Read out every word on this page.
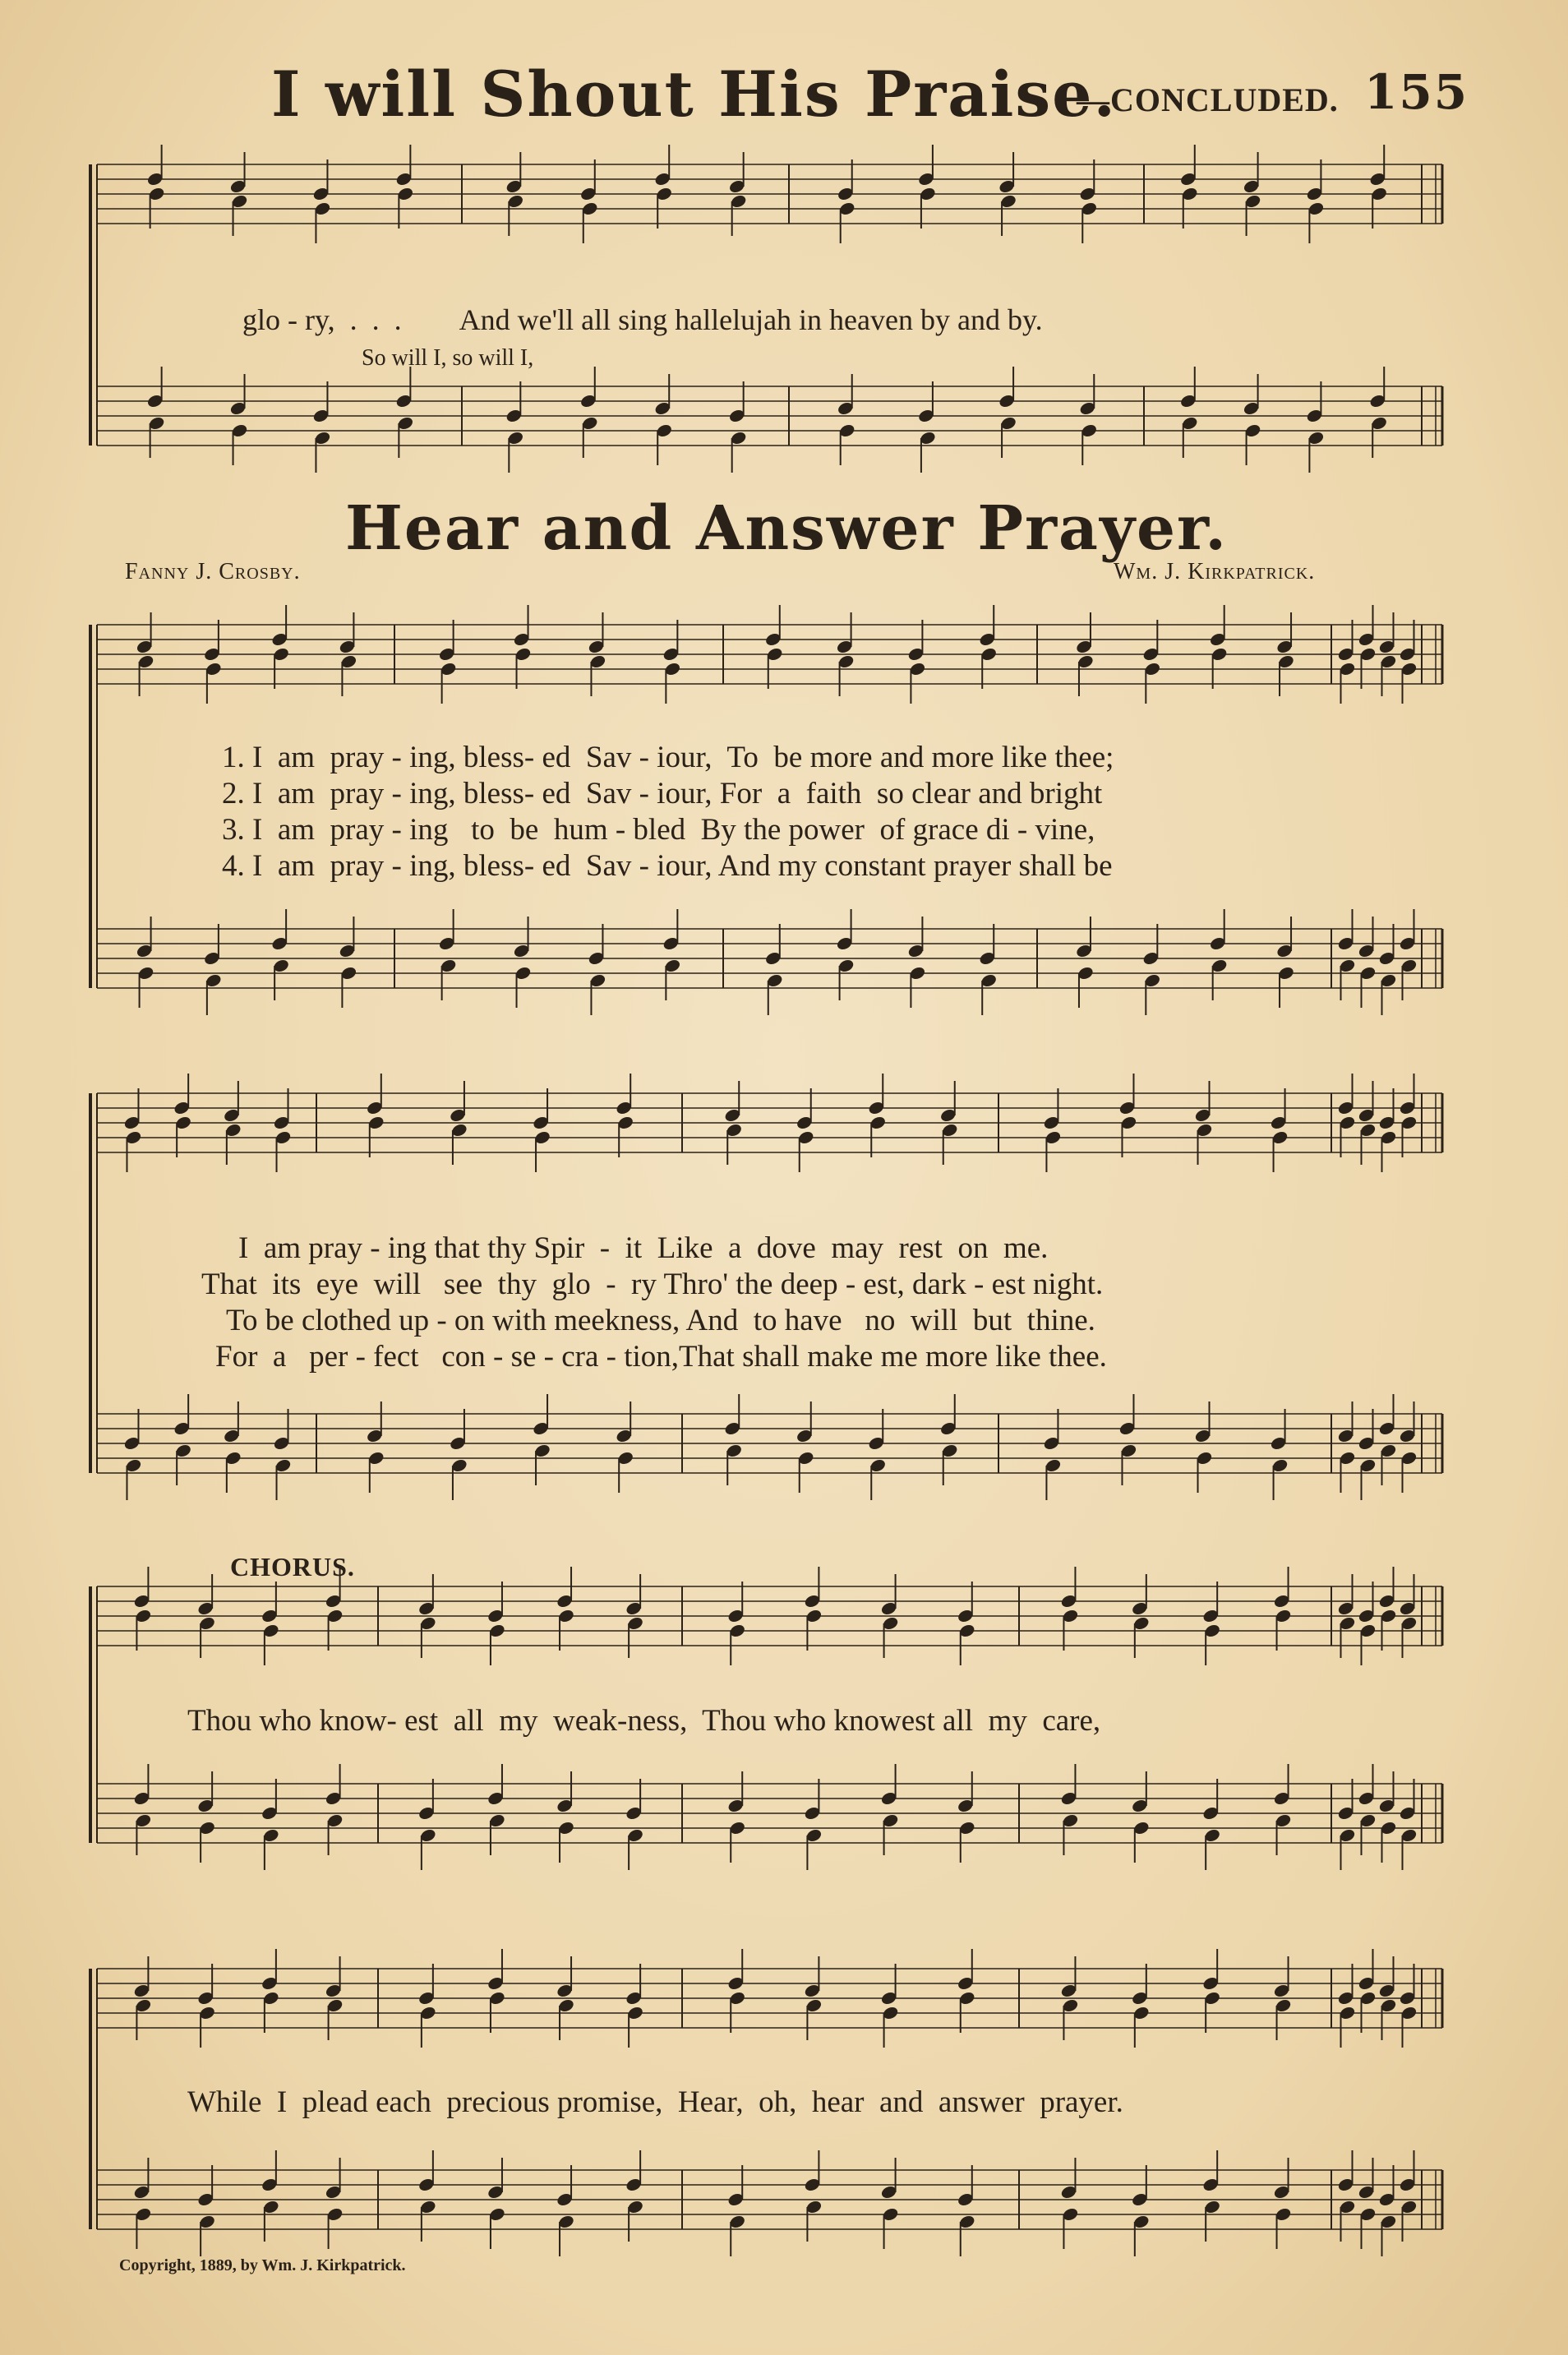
I will Shout His Praise.
—CONCLUDED. 155
glo - ry,  .  .  .        And we'll all sing hallelujah in heaven by and by.
So will I, so will I,
Hear and Answer Prayer.
Fanny J. Crosby.	Wm. J. Kirkpatrick.
1. I  am  pray - ing, bless- ed  Sav - iour,  To  be more and more like thee;
2. I  am  pray - ing, bless- ed  Sav - iour, For  a  faith  so clear and bright
3. I  am  pray - ing   to  be  hum - bled  By the power  of grace di - vine,
4. I  am  pray - ing, bless- ed  Sav - iour, And my constant prayer shall be
I  am pray - ing that thy Spir  -  it  Like  a  dove  may  rest  on  me.
That  its  eye  will   see  thy  glo  -  ry Thro' the deep - est, dark - est night.
To be clothed up - on with meekness, And  to have   no  will  but  thine.
For  a   per - fect   con - se - cra - tion,That shall make me more like thee.
CHORUS.
Thou who know- est  all  my  weak-ness,  Thou who knowest all  my  care,
While  I  plead each  precious promise,  Hear,  oh,  hear  and  answer  prayer.
Copyright, 1889, by Wm. J. Kirkpatrick.
